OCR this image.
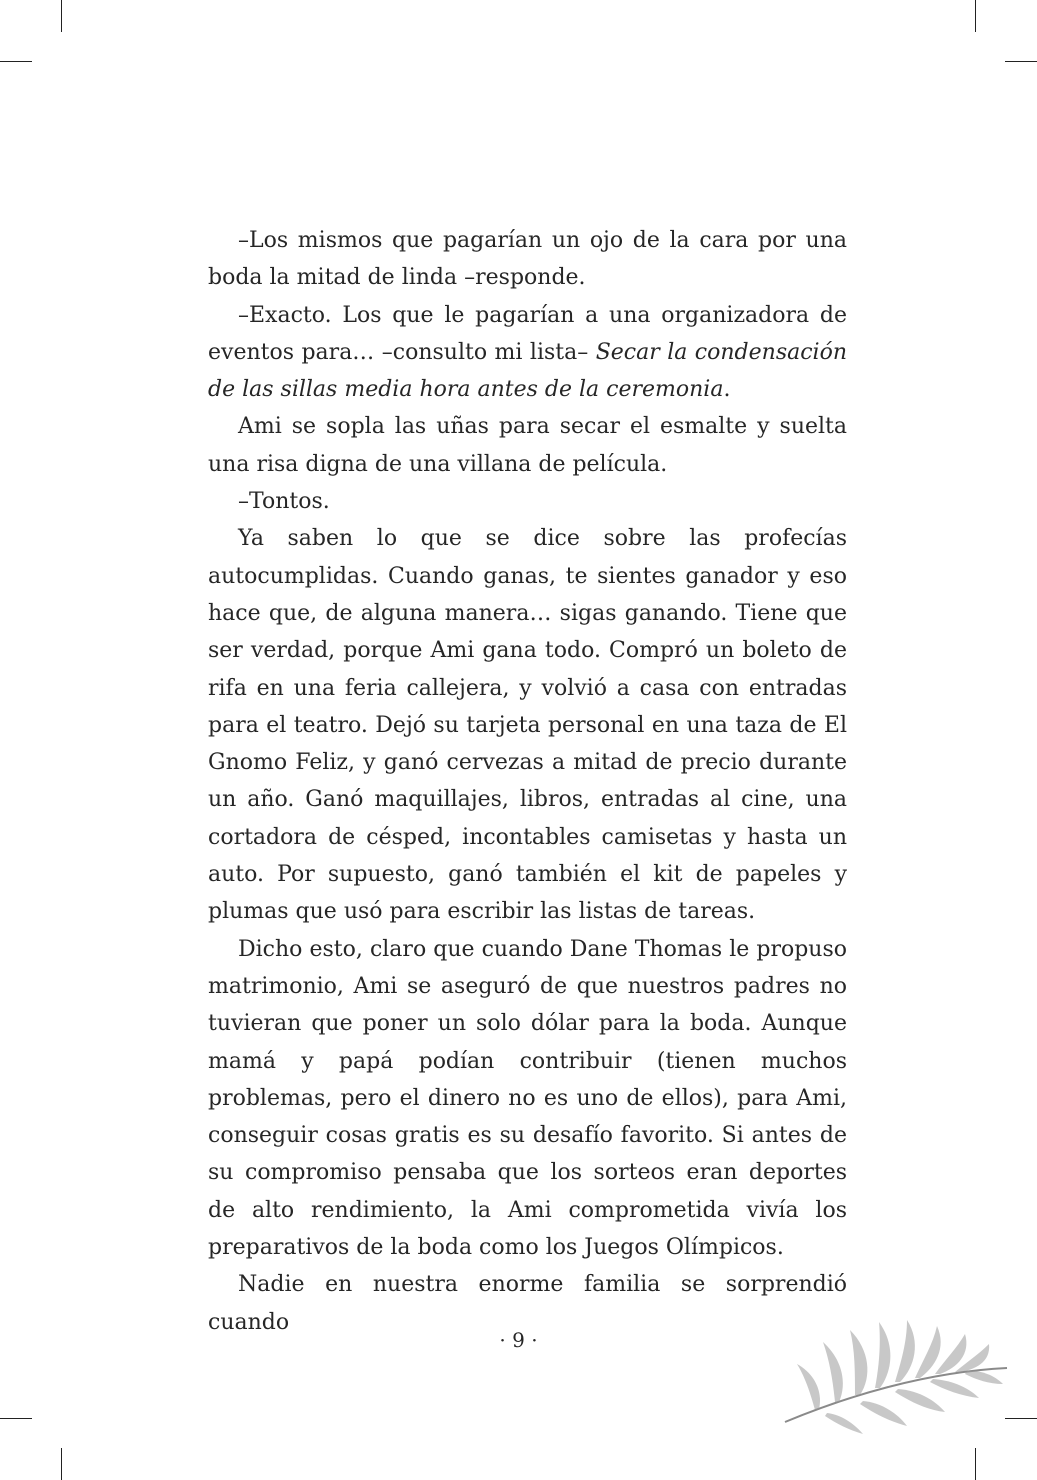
–Los mismos que pagarían un ojo de la cara por una boda la mitad de linda –responde.

–Exacto. Los que le pagarían a una organizadora de eventos para… –consulto mi lista– Secar la condensación de las sillas media hora antes de la ceremonia.

Ami se sopla las uñas para secar el esmalte y suelta una risa digna de una villana de película.

–Tontos.

Ya saben lo que se dice sobre las profecías autocumplidas. Cuando ganas, te sientes ganador y eso hace que, de alguna manera… sigas ganando. Tiene que ser verdad, porque Ami gana todo. Compró un boleto de rifa en una feria callejera, y volvió a casa con entradas para el teatro. Dejó su tarjeta personal en una taza de El Gnomo Feliz, y ganó cervezas a mitad de precio durante un año. Ganó maquillajes, libros, entradas al cine, una cortadora de césped, incontables camisetas y hasta un auto. Por supuesto, ganó también el kit de papeles y plumas que usó para escribir las listas de tareas.

Dicho esto, claro que cuando Dane Thomas le propuso matrimonio, Ami se aseguró de que nuestros padres no tuvieran que poner un solo dólar para la boda. Aunque mamá y papá podían contribuir (tienen muchos problemas, pero el dinero no es uno de ellos), para Ami, conseguir cosas gratis es su desafío favorito. Si antes de su compromiso pensaba que los sorteos eran deportes de alto rendimiento, la Ami comprometida vivía los preparativos de la boda como los Juegos Olímpicos.

Nadie en nuestra enorme familia se sorprendió cuando

· 9 ·
